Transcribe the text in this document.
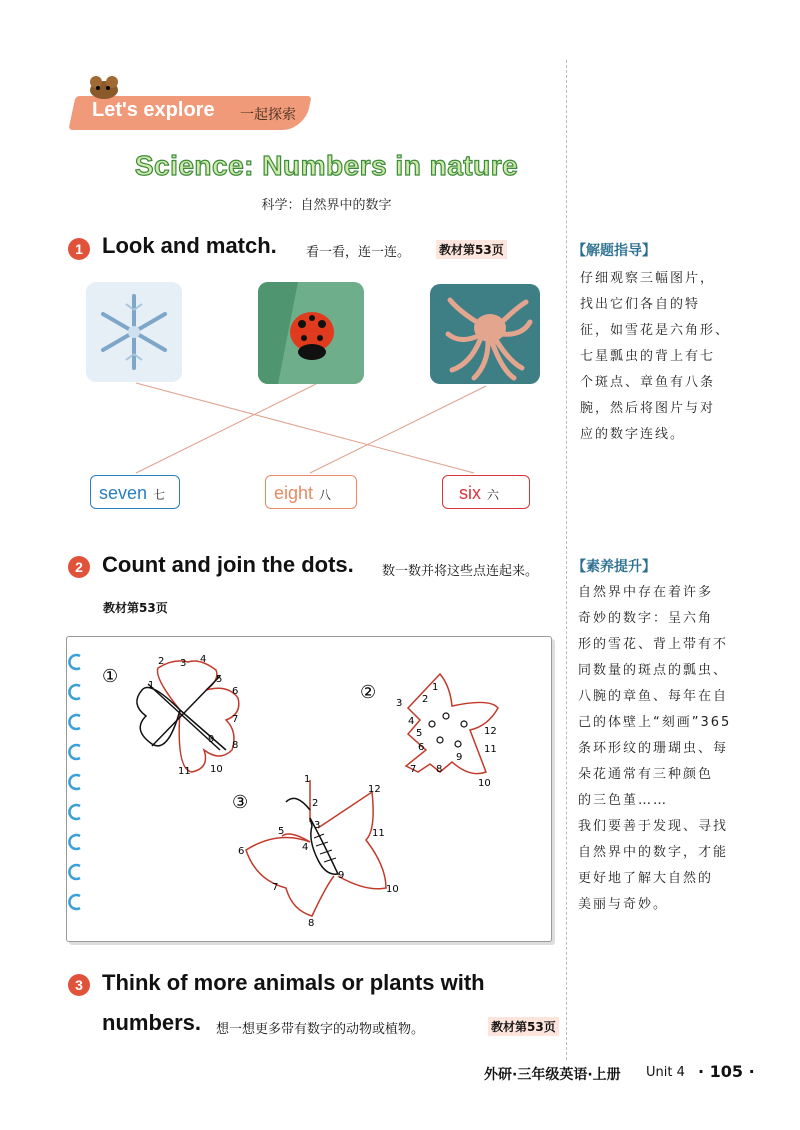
Let's explore 一起探索
Science: Numbers in nature
科学：自然界中的数字
1 Look and match. 看一看，连一连。 教材第53页
seven 七	eight 八	six 六
2 Count and join the dots. 数一数并将这些点连起来。
教材第53页
①	1
2 3 4
5
6
7
8
9
10
11
②	1
2
3
4
5
6
7 8
9
10
11
12
③
1
2
3
4
5
6
7
8
9
10
11
12
3 Think of more animals or plants with
numbers. 想一想更多带有数字的动物或植物。	教材第53页
【解题指导】
仔细观察三幅图片，
找出它们各自的特
征，如雪花是六角形、
七星瓢虫的背上有七
个斑点、章鱼有八条
腕，然后将图片与对
应的数字连线。
【素养提升】
自然界中存在着许多
奇妙的数字：呈六角
形的雪花、背上带有不
同数量的斑点的瓢虫、
八腕的章鱼、每年在自
己的体壁上“刻画”365
条环形纹的珊瑚虫、每
朵花通常有三种颜色
的三色堇……
我们要善于发现、寻找
自然界中的数字，才能
更好地了解大自然的
美丽与奇妙。
外研·三年级英语·上册 Unit 4 · 105 ·
